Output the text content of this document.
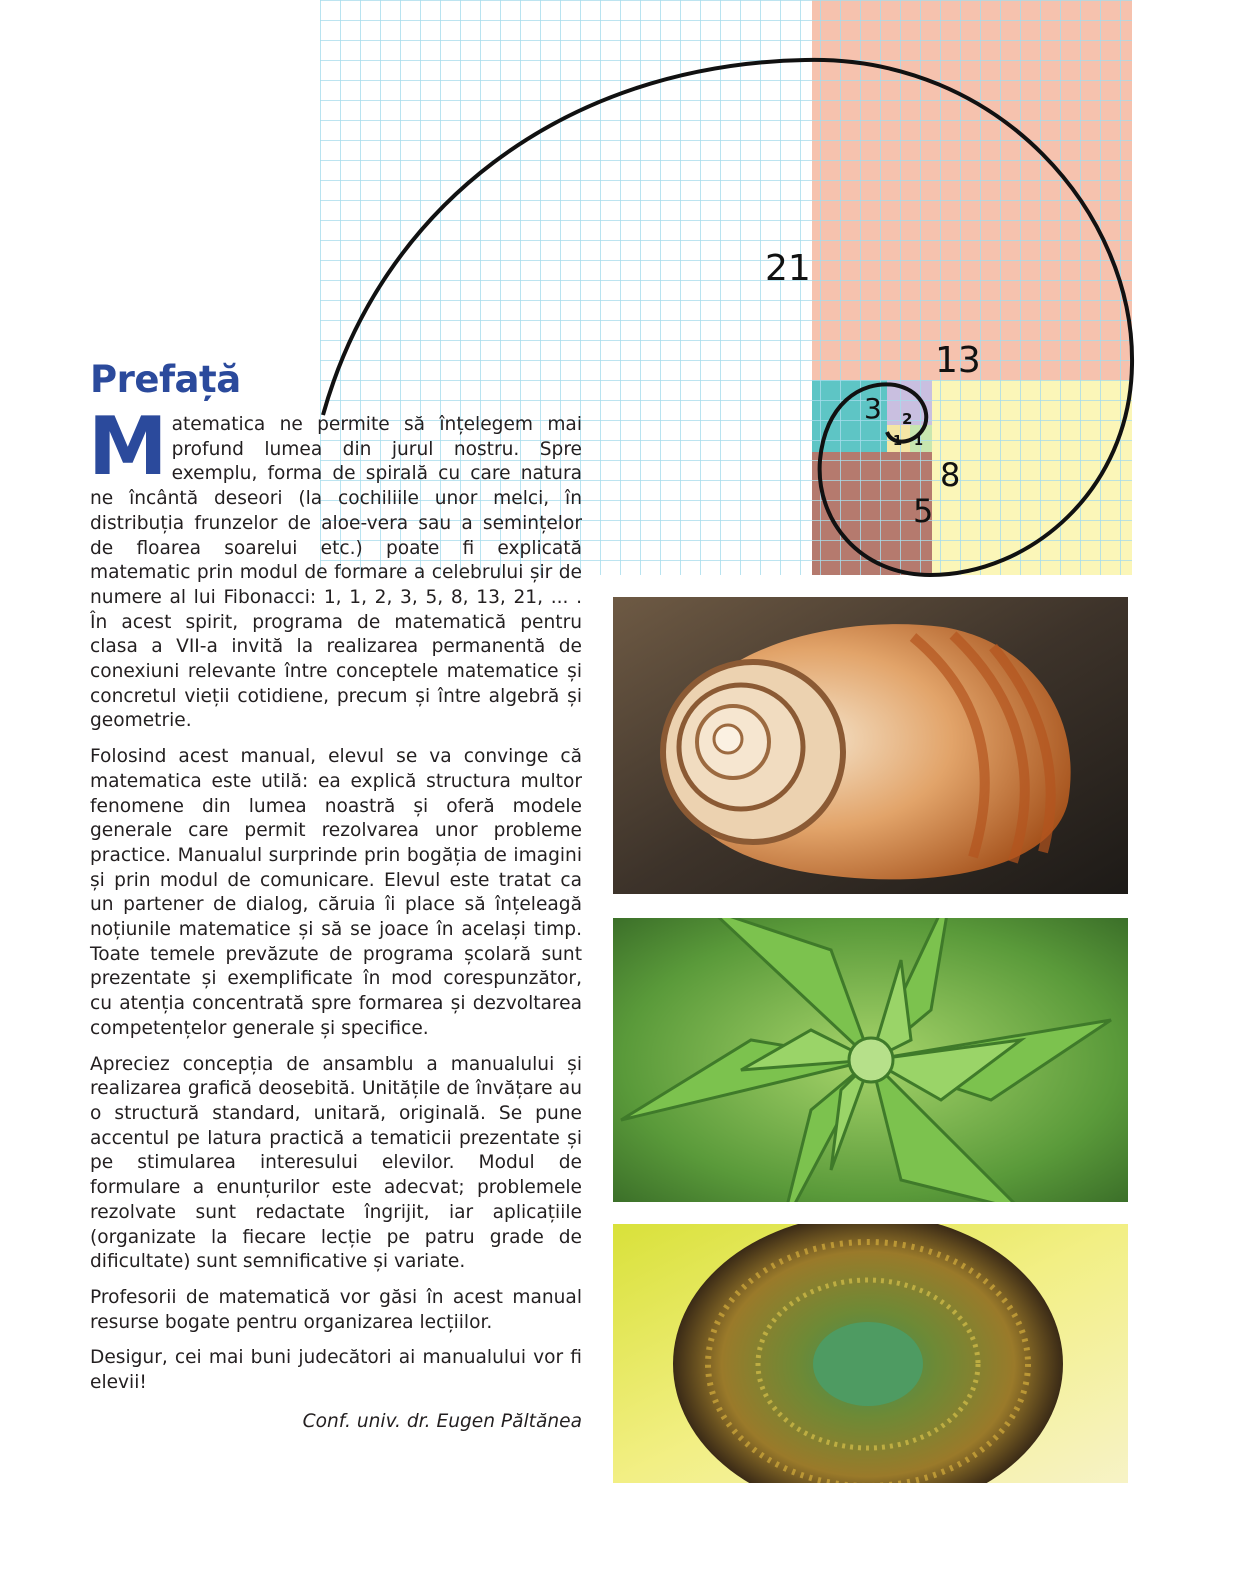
21
13
8
5
3 2
1 1
Prefață

Matematica ne permite să înțelegem mai profund lumea din jurul nostru. Spre exemplu, forma de spirală cu care natura ne încântă deseori (la cochiliile unor melci, în distribuția frunzelor de aloe-vera sau a semințelor de floarea soarelui etc.) poate fi explicată matematic prin modul de formare a celebrului șir de numere al lui Fibonacci: 1, 1, 2, 3, 5, 8, 13, 21, ... . În acest spirit, programa de matematică pentru clasa a VII-a invită la realizarea permanentă de conexiuni relevante între conceptele matematice și concretul vieții cotidiene, precum și între algebră și geometrie.

Folosind acest manual, elevul se va convinge că matematica este utilă: ea explică structura multor fenomene din lumea noastră și oferă modele generale care permit rezolvarea unor probleme practice. Manualul surprinde prin bogăția de imagini și prin modul de comunicare. Elevul este tratat ca un partener de dialog, căruia îi place să înțeleagă noțiunile matematice și să se joace în același timp. Toate temele prevăzute de programa școlară sunt prezentate și exemplificate în mod corespunzător, cu atenția concentrată spre formarea și dezvoltarea competențelor generale și specifice.

Apreciez concepția de ansamblu a manualului și realizarea grafică deosebită. Unitățile de învățare au o structură standard, unitară, originală. Se pune accentul pe latura practică a tematicii prezentate și pe stimularea interesului elevilor. Modul de formulare a enunțurilor este adecvat; problemele rezolvate sunt redactate îngrijit, iar aplicațiile (organizate la fiecare lecție pe patru grade de dificultate) sunt semnificative și variate.

Profesorii de matematică vor găsi în acest manual resurse bogate pentru organizarea lecțiilor.

Desigur, cei mai buni judecători ai manualului vor fi elevii!

Conf. univ. dr. Eugen Păltănea
